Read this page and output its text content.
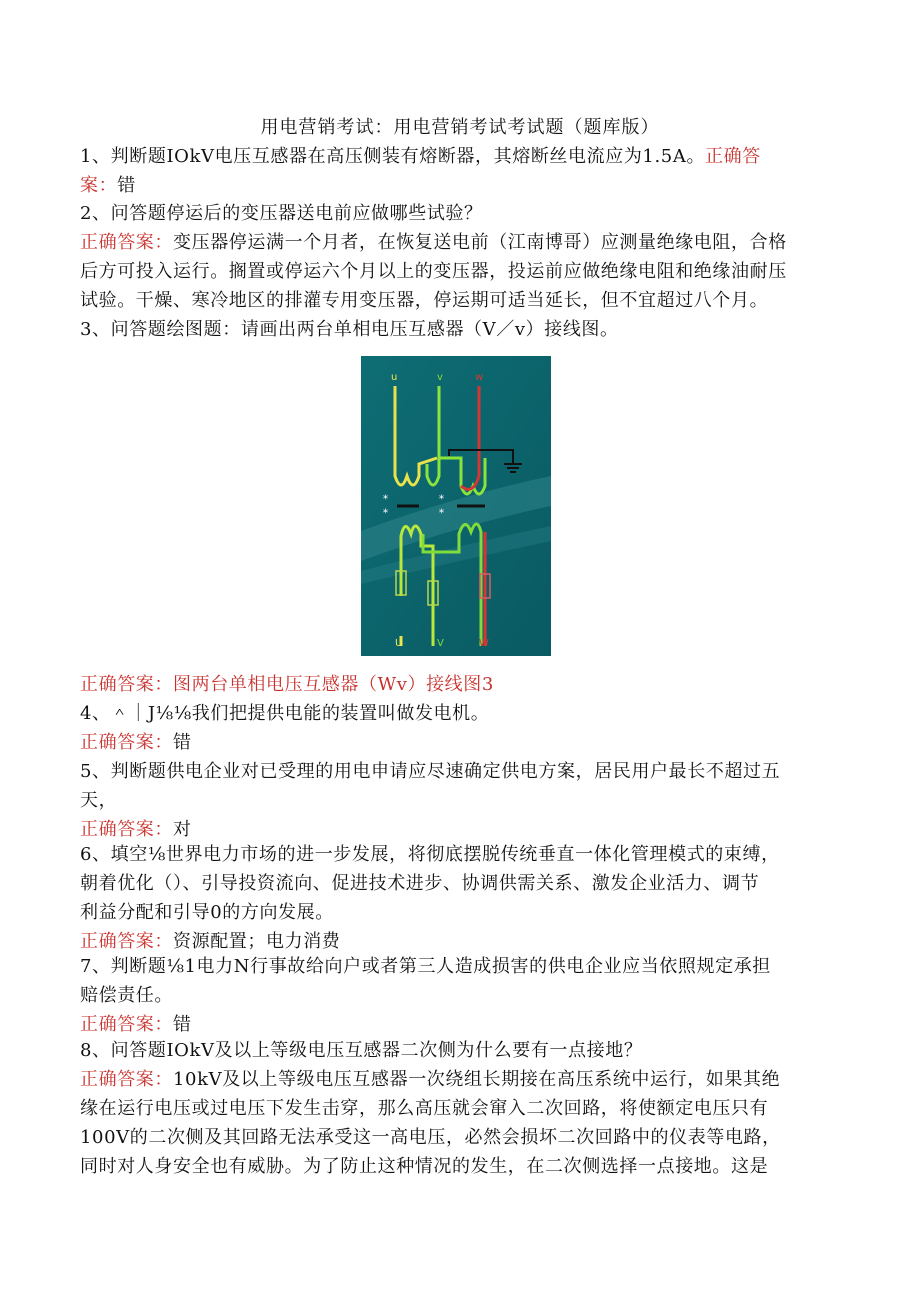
用电营销考试：用电营销考试考试题（题库版）
1、判断题IOkV电压互感器在高压侧装有熔断器，其熔断丝电流应为1.5A。正确答
案：错
2、问答题停运后的变压器送电前应做哪些试验？
正确答案：变压器停运满一个月者，在恢复送电前（江南博哥）应测量绝缘电阻，合格
后方可投入运行。搁置或停运六个月以上的变压器，投运前应做绝缘电阻和绝缘油耐压
试验。干燥、寒冷地区的排灌专用变压器，停运期可适当延长，但不宜超过八个月。
3、问答题绘图题：请画出两台单相电压互感器（V／v）接线图。
u	v	w
*
*
*
*
U	V	W
正确答案：图两台单相电压互感器（Wv）接线图3
4、＾｜J⅛⅛我们把提供电能的装置叫做发电机。
正确答案：错
5、判断题供电企业对已受理的用电申请应尽速确定供电方案，居民用户最长不超过五
天，
正确答案：对
6、填空⅛世界电力市场的进一步发展，将彻底摆脱传统垂直一体化管理模式的束缚，
朝着优化（）、引导投资流向、促进技术进步、协调供需关系、激发企业活力、调节
利益分配和引导0的方向发展。
正确答案：资源配置；电力消费
7、判断题⅛1电力N行事故给向户或者第三人造成损害的供电企业应当依照规定承担
赔偿责任。
正确答案：错
8、问答题IOkV及以上等级电压互感器二次侧为什么要有一点接地？
正确答案：10kV及以上等级电压互感器一次绕组长期接在高压系统中运行，如果其绝
缘在运行电压或过电压下发生击穿，那么高压就会窜入二次回路，将使额定电压只有
100V的二次侧及其回路无法承受这一高电压，必然会损坏二次回路中的仪表等电路，
同时对人身安全也有威胁。为了防止这种情况的发生，在二次侧选择一点接地。这是
